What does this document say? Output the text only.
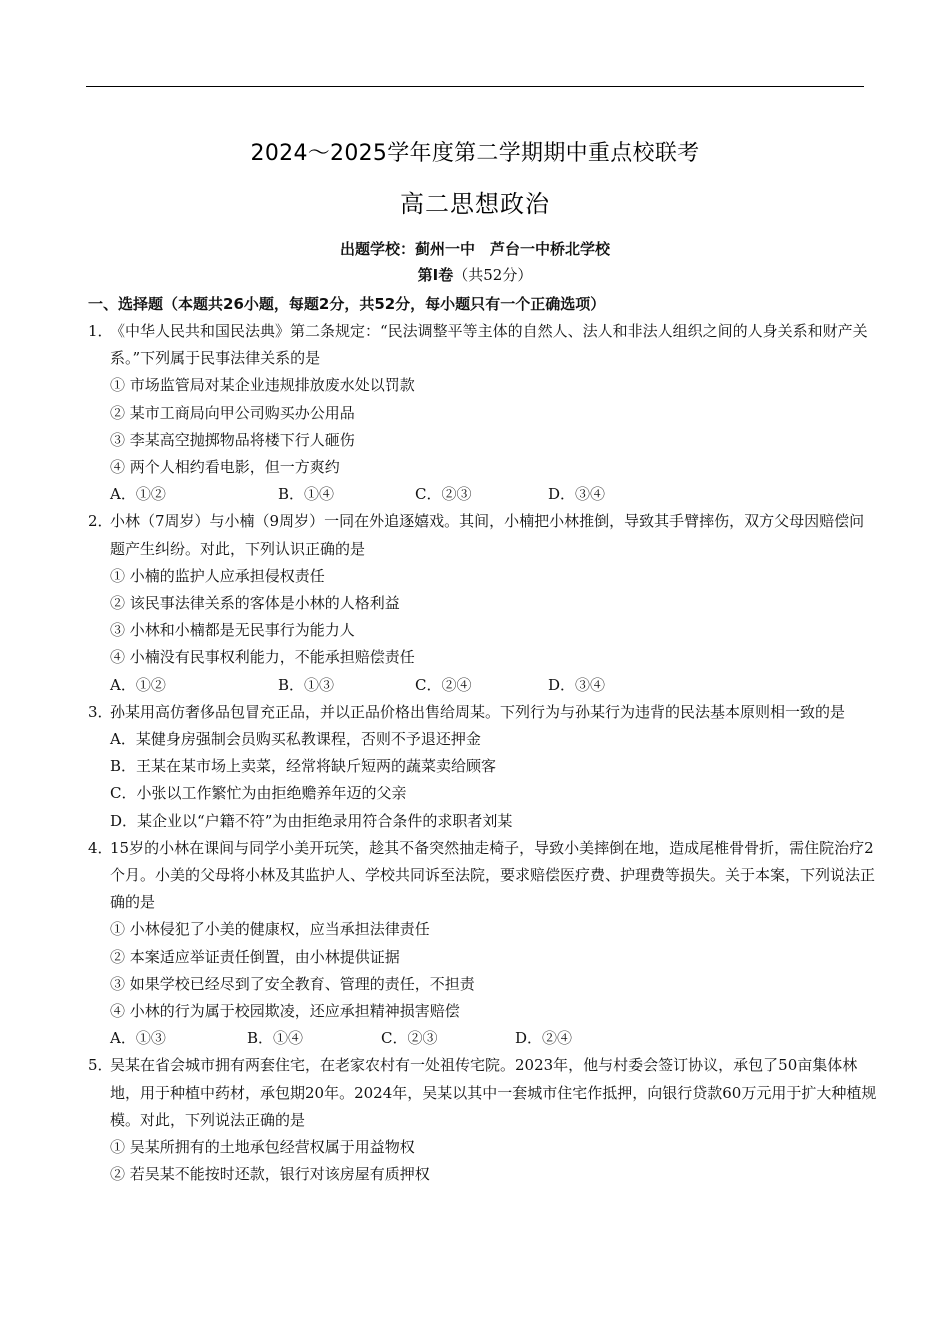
2024～2025学年度第二学期期中重点校联考
高二思想政治
出题学校：蓟州一中　芦台一中桥北学校
第Ⅰ卷（共52分）
一、选择题（本题共26小题，每题2分，共52分，每小题只有一个正确选项）
1．《中华人民共和国民法典》第二条规定：“民法调整平等主体的自然人、法人和非法人组织之间的人身关系和财产关系。”下列属于民事法律关系的是
① 市场监管局对某企业违规排放废水处以罚款
② 某市工商局向甲公司购买办公用品
③ 李某高空抛掷物品将楼下行人砸伤
④ 两个人相约看电影，但一方爽约
A．①②	B．①④	C．②③	D．③④
2．小林（7周岁）与小楠（9周岁）一同在外追逐嬉戏。其间，小楠把小林推倒，导致其手臂摔伤，双方父母因赔偿问题产生纠纷。对此，下列认识正确的是
① 小楠的监护人应承担侵权责任
② 该民事法律关系的客体是小林的人格利益
③ 小林和小楠都是无民事行为能力人
④ 小楠没有民事权利能力，不能承担赔偿责任
A．①②	B．①③	C．②④	D．③④
3．孙某用高仿奢侈品包冒充正品，并以正品价格出售给周某。下列行为与孙某行为违背的民法基本原则相一致的是
A．某健身房强制会员购买私教课程，否则不予退还押金
B．王某在某市场上卖菜，经常将缺斤短两的蔬菜卖给顾客
C．小张以工作繁忙为由拒绝赡养年迈的父亲
D．某企业以“户籍不符”为由拒绝录用符合条件的求职者刘某
4．15岁的小林在课间与同学小美开玩笑，趁其不备突然抽走椅子，导致小美摔倒在地，造成尾椎骨骨折，需住院治疗2个月。小美的父母将小林及其监护人、学校共同诉至法院，要求赔偿医疗费、护理费等损失。关于本案，下列说法正确的是
① 小林侵犯了小美的健康权，应当承担法律责任
② 本案适应举证责任倒置，由小林提供证据
③ 如果学校已经尽到了安全教育、管理的责任，不担责
④ 小林的行为属于校园欺凌，还应承担精神损害赔偿
A．①③	B．①④	C．②③	D．②④
5．吴某在省会城市拥有两套住宅，在老家农村有一处祖传宅院。2023年，他与村委会签订协议，承包了50亩集体林地，用于种植中药材，承包期20年。2024年，吴某以其中一套城市住宅作抵押，向银行贷款60万元用于扩大种植规模。对此，下列说法正确的是
① 吴某所拥有的土地承包经营权属于用益物权
② 若吴某不能按时还款，银行对该房屋有质押权
